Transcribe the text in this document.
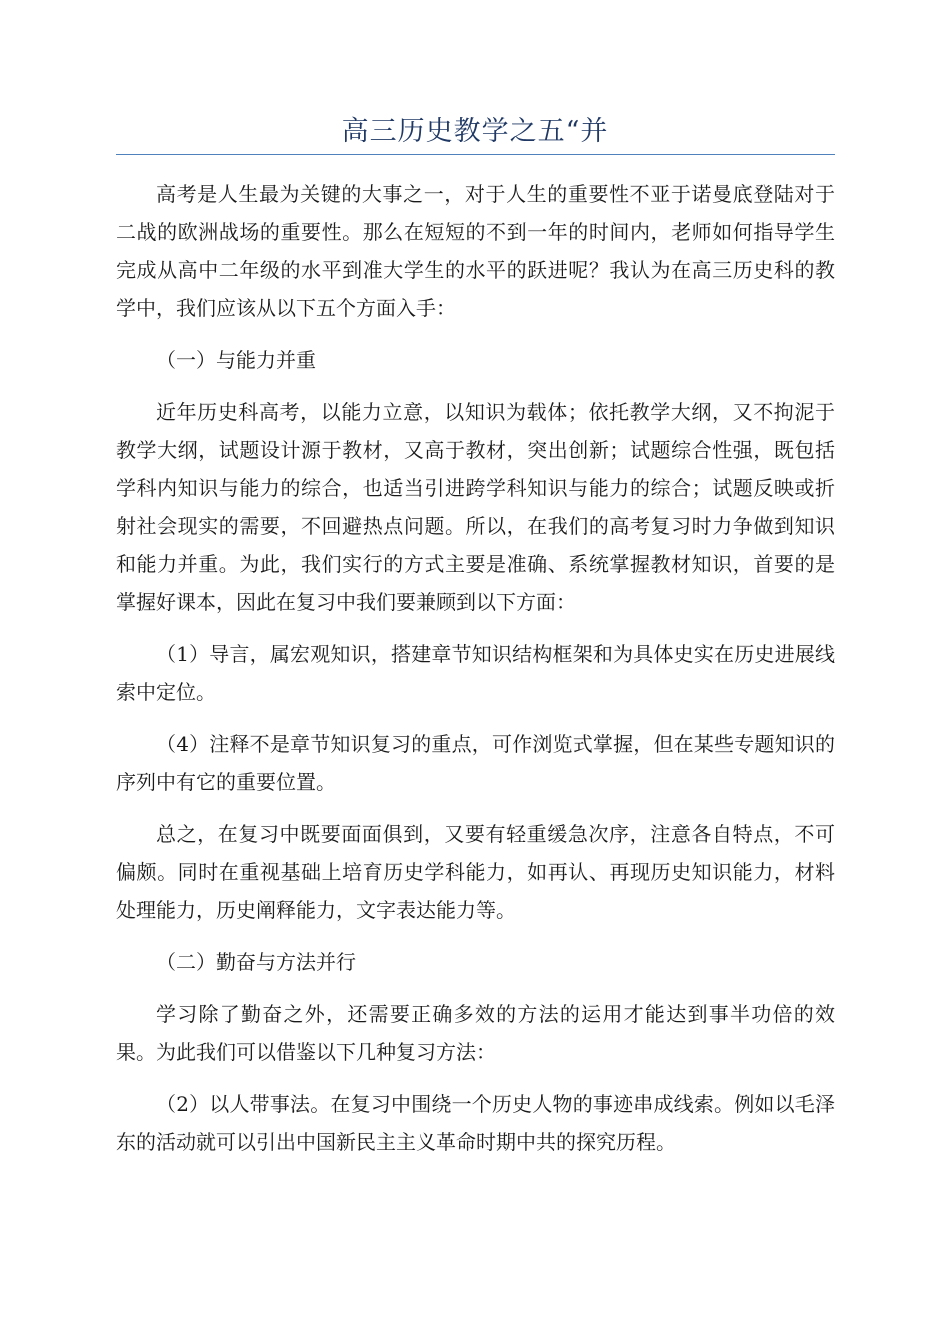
高三历史教学之五“并

高考是人生最为关键的大事之一，对于人生的重要性不亚于诺曼底登陆对于二战的欧洲战场的重要性。那么在短短的不到一年的时间内，老师如何指导学生完成从高中二年级的水平到准大学生的水平的跃进呢？我认为在高三历史科的教学中，我们应该从以下五个方面入手：

（一）与能力并重

近年历史科高考，以能力立意，以知识为载体；依托教学大纲，又不拘泥于教学大纲，试题设计源于教材，又高于教材，突出创新；试题综合性强，既包括学科内知识与能力的综合，也适当引进跨学科知识与能力的综合；试题反映或折射社会现实的需要，不回避热点问题。所以，在我们的高考复习时力争做到知识和能力并重。为此，我们实行的方式主要是准确、系统掌握教材知识，首要的是掌握好课本，因此在复习中我们要兼顾到以下方面：

（1）导言，属宏观知识，搭建章节知识结构框架和为具体史实在历史进展线索中定位。

（4）注释不是章节知识复习的重点，可作浏览式掌握，但在某些专题知识的序列中有它的重要位置。

总之，在复习中既要面面俱到，又要有轻重缓急次序，注意各自特点，不可偏颇。同时在重视基础上培育历史学科能力，如再认、再现历史知识能力，材料处理能力，历史阐释能力，文字表达能力等。

（二）勤奋与方法并行

学习除了勤奋之外，还需要正确多效的方法的运用才能达到事半功倍的效果。为此我们可以借鉴以下几种复习方法：

（2）以人带事法。在复习中围绕一个历史人物的事迹串成线索。例如以毛泽东的活动就可以引出中国新民主主义革命时期中共的探究历程。
